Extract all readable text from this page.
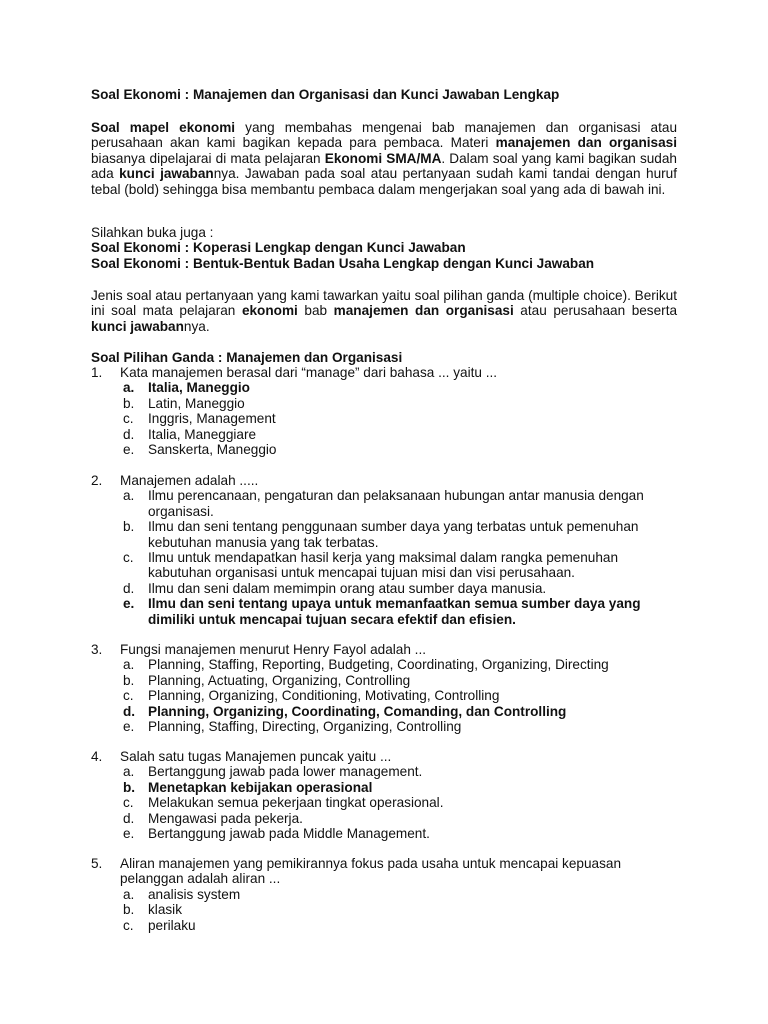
Soal Ekonomi : Manajemen dan Organisasi dan Kunci Jawaban Lengkap
Soal mapel ekonomi yang membahas mengenai bab manajemen dan organisasi atau perusahaan akan kami bagikan kepada para pembaca. Materi manajemen dan organisasi biasanya dipelajarai di mata pelajaran Ekonomi SMA/MA. Dalam soal yang kami bagikan sudah ada kunci jawabannya. Jawaban pada soal atau pertanyaan sudah kami tandai dengan huruf tebal (bold) sehingga bisa membantu pembaca dalam mengerjakan soal yang ada di bawah ini.
Silahkan buka juga :
Soal Ekonomi : Koperasi Lengkap dengan Kunci Jawaban
Soal Ekonomi : Bentuk-Bentuk Badan Usaha Lengkap dengan Kunci Jawaban
Jenis soal atau pertanyaan yang kami tawarkan yaitu soal pilihan ganda (multiple choice). Berikut ini soal mata pelajaran ekonomi bab manajemen dan organisasi atau perusahaan beserta kunci jawabannya.
Soal Pilihan Ganda : Manajemen dan Organisasi
1.	Kata manajemen berasal dari “manage” dari bahasa ... yaitu ...
a.	Italia, Maneggio
b.	Latin, Maneggio
c.	Inggris, Management
d.	Italia, Maneggiare
e.	Sanskerta, Maneggio
2.	Manajemen adalah .....
a.	Ilmu perencanaan, pengaturan dan pelaksanaan hubungan antar manusia dengan organisasi.
b.	Ilmu dan seni tentang penggunaan sumber daya yang terbatas untuk pemenuhan kebutuhan manusia yang tak terbatas.
c.	Ilmu untuk mendapatkan hasil kerja yang maksimal dalam rangka pemenuhan kabutuhan organisasi untuk mencapai tujuan misi dan visi perusahaan.
d.	Ilmu dan seni dalam memimpin orang atau sumber daya manusia.
e.	Ilmu dan seni tentang upaya untuk memanfaatkan semua sumber daya yang dimiliki untuk mencapai tujuan secara efektif dan efisien.
3.	Fungsi manajemen menurut Henry Fayol adalah ...
a.	Planning, Staffing, Reporting, Budgeting, Coordinating, Organizing, Directing
b.	Planning, Actuating, Organizing, Controlling
c.	Planning, Organizing, Conditioning, Motivating, Controlling
d. Planning, Organizing, Coordinating, Comanding, dan Controlling
e.	Planning, Staffing, Directing, Organizing, Controlling
4.	Salah satu tugas Manajemen puncak yaitu ...
a.	Bertanggung jawab pada lower management.
b. Menetapkan kebijakan operasional
c.	Melakukan semua pekerjaan tingkat operasional.
d.	Mengawasi pada pekerja.
e.	Bertanggung jawab pada Middle Management.
5.	Aliran manajemen yang pemikirannya fokus pada usaha untuk mencapai kepuasan pelanggan adalah aliran ...
a.	analisis system
b.	klasik
c.	perilaku
